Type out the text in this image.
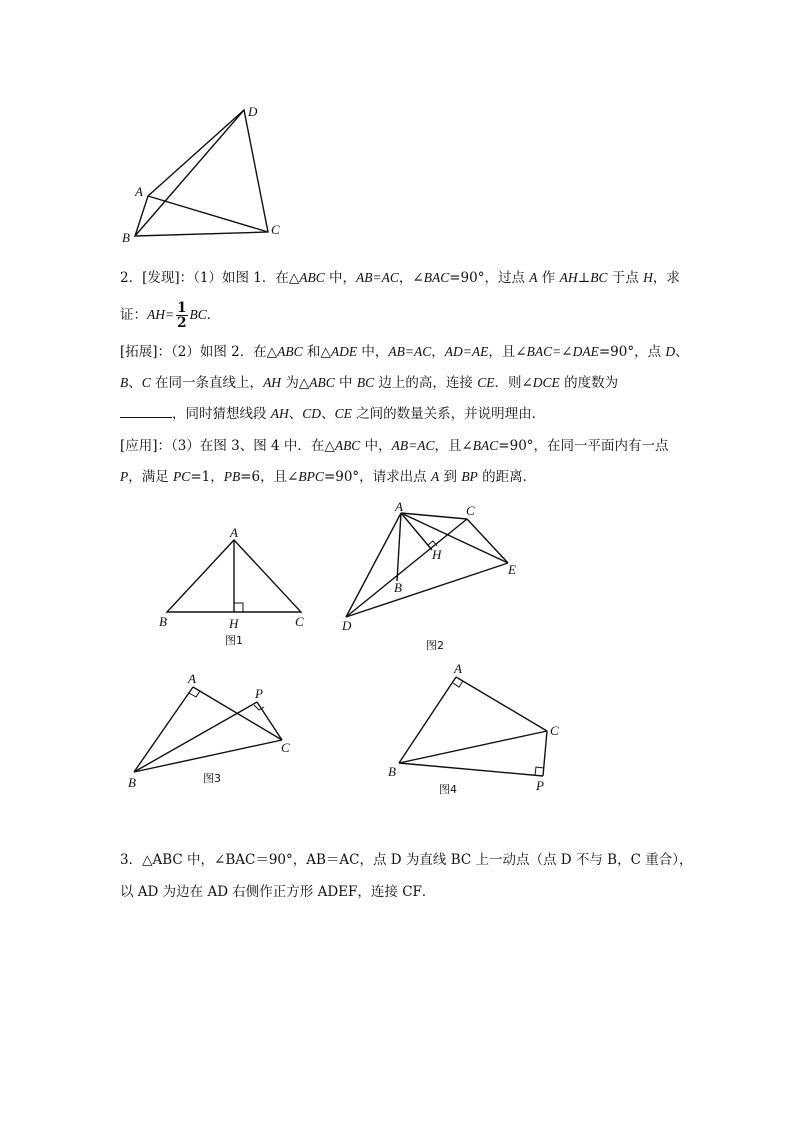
D
A
B
C
A
B	H	C
图1
A	C
H
E
B
D
图2
A
P
C
B	图3
A
C
B
P
图4
2．[发现]：（1）如图 1．在△ABC 中，AB=AC，∠BAC=90°，过点 A 作 AH⊥BC 于点 H，求
证：$AH= \frac{1}{2}$ BC．
[拓展]：（2）如图 2．在△ABC 和△ADE 中，AB=AC，AD=AE，且∠BAC=∠DAE=90°，点 D、
B、C 在同一条直线上，AH 为△ABC 中 BC 边上的高，连接 CE．则∠DCE 的度数为
，同时猜想线段 AH、CD、CE 之间的数量关系，并说明理由．
[应用]：（3）在图 3、图 4 中．在△ABC 中，AB=AC，且∠BAC=90°，在同一平面内有一点
P，满足 PC=1，PB=6，且∠BPC=90°，请求出点 A 到 BP 的距离．
3．△ABC 中，∠BAC＝90°，AB＝AC，点 D 为直线 BC 上一动点（点 D 不与 B，C 重合），
以 AD 为边在 AD 右侧作正方形 ADEF，连接 CF．
